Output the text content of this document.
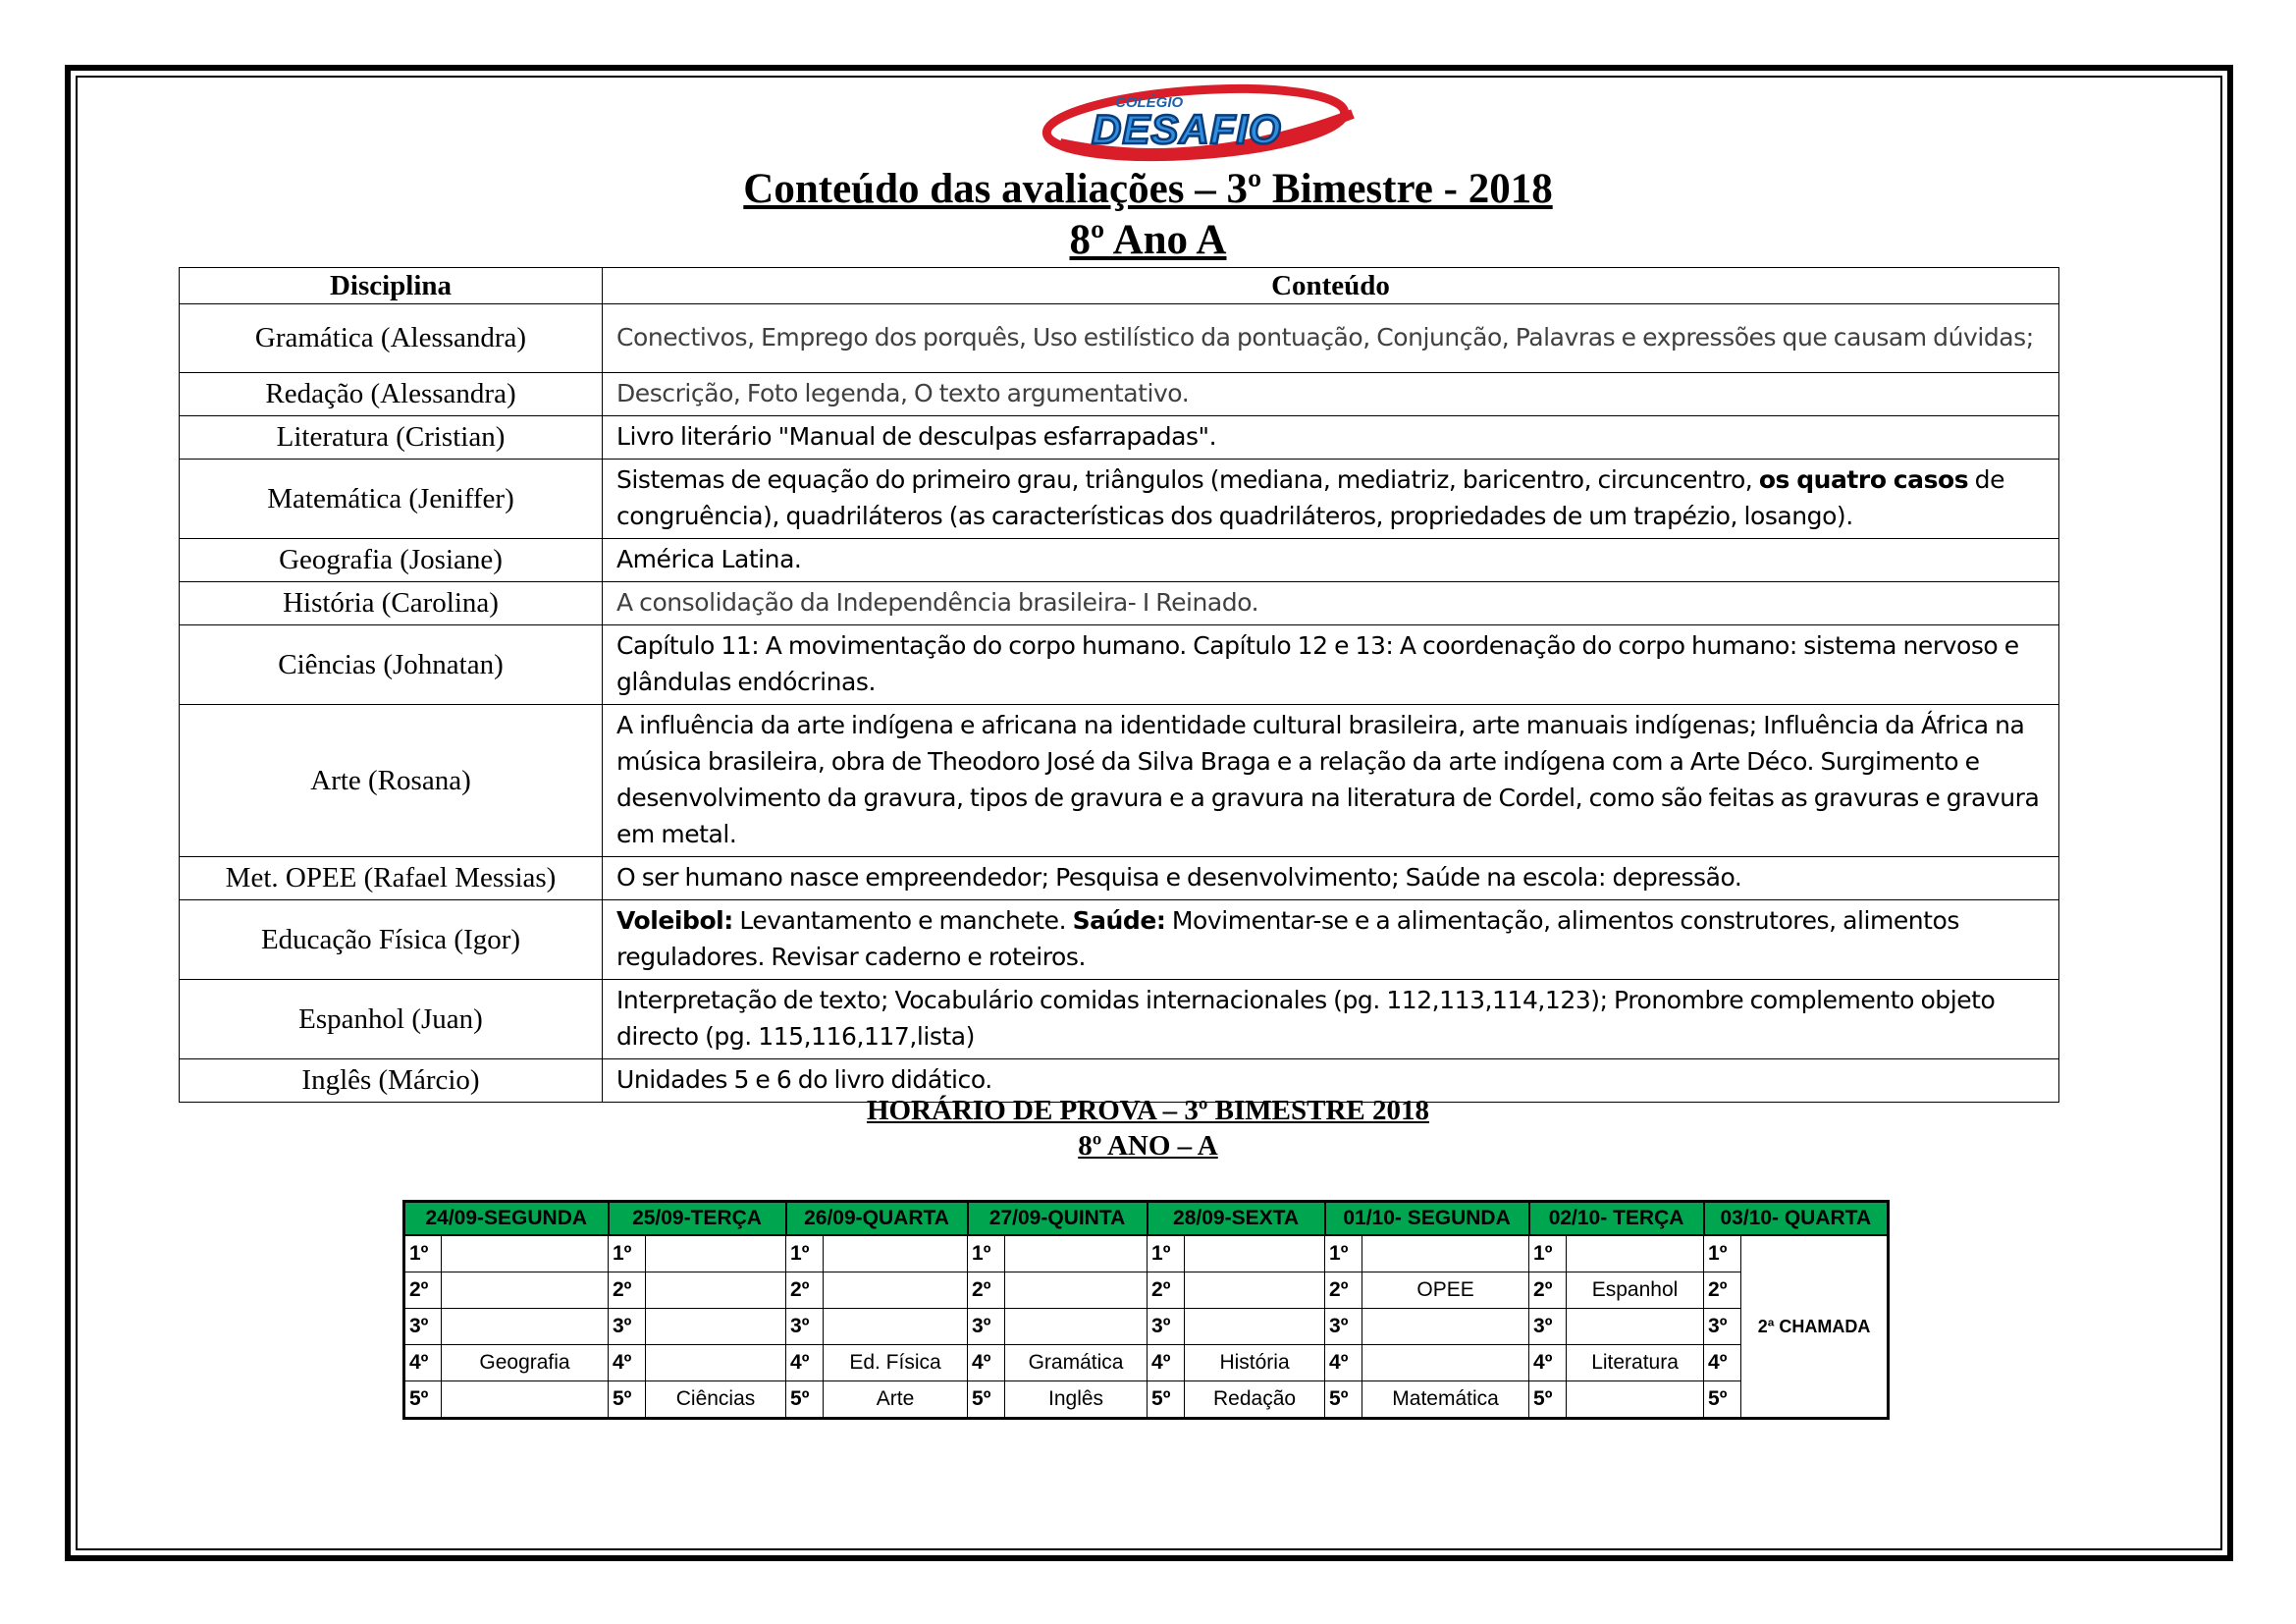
COLÉGIO
DESAFIO
Conteúdo das avaliações – 3º Bimestre - 2018
8º Ano A
Disciplina	Conteúdo
Gramática (Alessandra)	Conectivos, Emprego dos porquês, Uso estilístico da pontuação, Conjunção, Palavras e expressões que causam dúvidas;
Redação (Alessandra)	Descrição, Foto legenda, O texto argumentativo.
Literatura (Cristian)	Livro literário "Manual de desculpas esfarrapadas".
Matemática (Jeniffer)	Sistemas de equação do primeiro grau, triângulos (mediana, mediatriz, baricentro, circuncentro, os quatro casos de congruência), quadriláteros (as características dos quadriláteros, propriedades de um trapézio, losango).
Geografia (Josiane)	América Latina.
História (Carolina)	A consolidação da Independência brasileira- I Reinado.
Ciências (Johnatan)	Capítulo 11: A movimentação do corpo humano. Capítulo 12 e 13: A coordenação do corpo humano: sistema nervoso e glândulas endócrinas.
Arte (Rosana)	A influência da arte indígena e africana na identidade cultural brasileira, arte manuais indígenas; Influência da África na música brasileira, obra de Theodoro José da Silva Braga e a relação da arte indígena com a Arte Déco. Surgimento e desenvolvimento da gravura, tipos de gravura e a gravura na literatura de Cordel, como são feitas as gravuras e gravura em metal.
Met. OPEE (Rafael Messias)	O ser humano nasce empreendedor; Pesquisa e desenvolvimento; Saúde na escola: depressão.
Educação Física (Igor)	Voleibol: Levantamento e manchete. Saúde: Movimentar-se e a alimentação, alimentos construtores, alimentos reguladores. Revisar caderno e roteiros.
Espanhol (Juan)	Interpretação de texto; Vocabulário comidas internacionales (pg. 112,113,114,123); Pronombre complemento objeto directo (pg. 115,116,117,lista)
Inglês (Márcio)	Unidades 5 e 6 do livro didático.
HORÁRIO DE PROVA – 3º BIMESTRE 2018
8º ANO – A
24/09-SEGUNDA		25/09-TERÇA		26/09-QUARTA		27/09-QUINTA		28/09-SEXTA		01/10- SEGUNDA		02/10- TERÇA		03/10- QUARTA	
1º		1º		1º		1º		1º		1º		1º		1º	2ª CHAMADA
2º		2º		2º		2º		2º		2º	OPEE	2º	Espanhol	2º	
3º		3º		3º		3º		3º		3º		3º		3º	
4º	Geografia	4º		4º	Ed. Física	4º	Gramática	4º	História	4º		4º	Literatura	4º	
5º		5º	Ciências	5º	Arte	5º	Inglês	5º	Redação	5º	Matemática	5º		5º	
